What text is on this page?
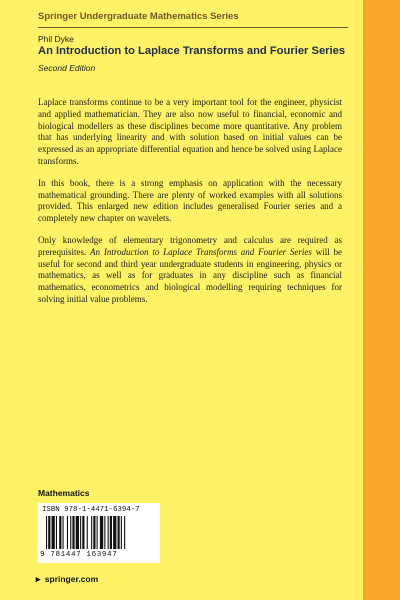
Springer Undergraduate Mathematics Series
Phil Dyke
An Introduction to Laplace Transforms and Fourier Series
Second Edition

Laplace transforms continue to be a very important tool for the engineer, physicist and applied mathematician. They are also now useful to financial, economic and biological modellers as these disciplines become more quantitative. Any problem that has underlying linearity and with solution based on initial values can be expressed as an appropriate differential equation and hence be solved using Laplace transforms.

In this book, there is a strong emphasis on application with the necessary mathematical grounding. There are plenty of worked examples with all solutions provided. This enlarged new edition includes generalised Fourier series and a completely new chapter on wavelets.

Only knowledge of elementary trigonometry and calculus are required as prerequisites. An Introduction to Laplace Transforms and Fourier Series will be useful for second and third year undergraduate students in engineering, physics or mathematics, as well as for graduates in any discipline such as financial mathematics, econometrics and biological modelling requiring techniques for solving initial value problems.

Mathematics
ISBN 978-1-4471-6394-7
9 781447 163947
► springer.com
